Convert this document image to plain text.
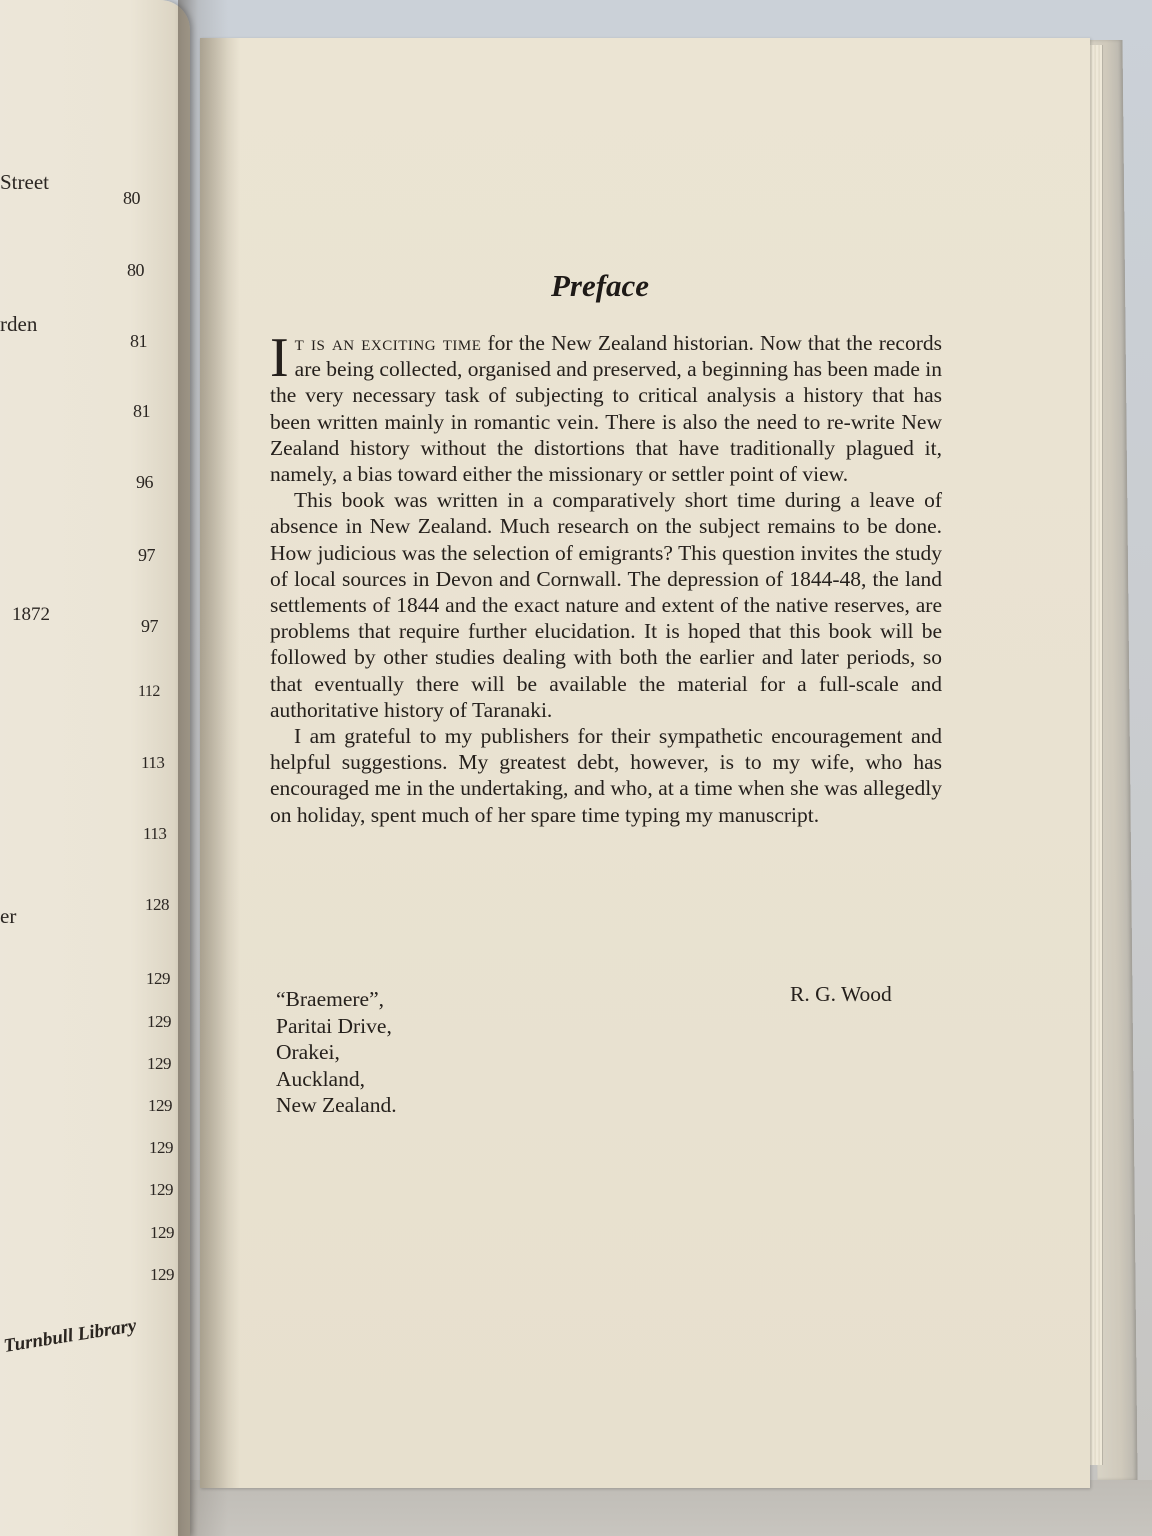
Street
rden
1872
er
80
80
81
81
96
97
97
112
113
113
128
129
129
129
129
129
129
129
129
Turnbull Library
Preface

It is an exciting time for the New Zealand historian. Now that the records are being collected, organised and preserved, a beginning has been made in the very necessary task of subjecting to critical analysis a history that has been written mainly in romantic vein. There is also the need to re-write New Zealand history without the distortions that have traditionally plagued it, namely, a bias toward either the missionary or settler point of view.

This book was written in a comparatively short time during a leave of absence in New Zealand. Much research on the subject remains to be done. How judicious was the selection of emigrants? This question invites the study of local sources in Devon and Cornwall. The depression of 1844-48, the land settlements of 1844 and the exact nature and extent of the native reserves, are problems that require further elucidation. It is hoped that this book will be followed by other studies dealing with both the earlier and later periods, so that eventually there will be available the material for a full-scale and authoritative history of Taranaki.

I am grateful to my publishers for their sympathetic encouragement and helpful suggestions. My greatest debt, however, is to my wife, who has encouraged me in the undertaking, and who, at a time when she was allegedly on holiday, spent much of her spare time typing my manuscript.

R. G. Wood
“Braemere”,
Paritai Drive,
Orakei,
Auckland,
New Zealand.
